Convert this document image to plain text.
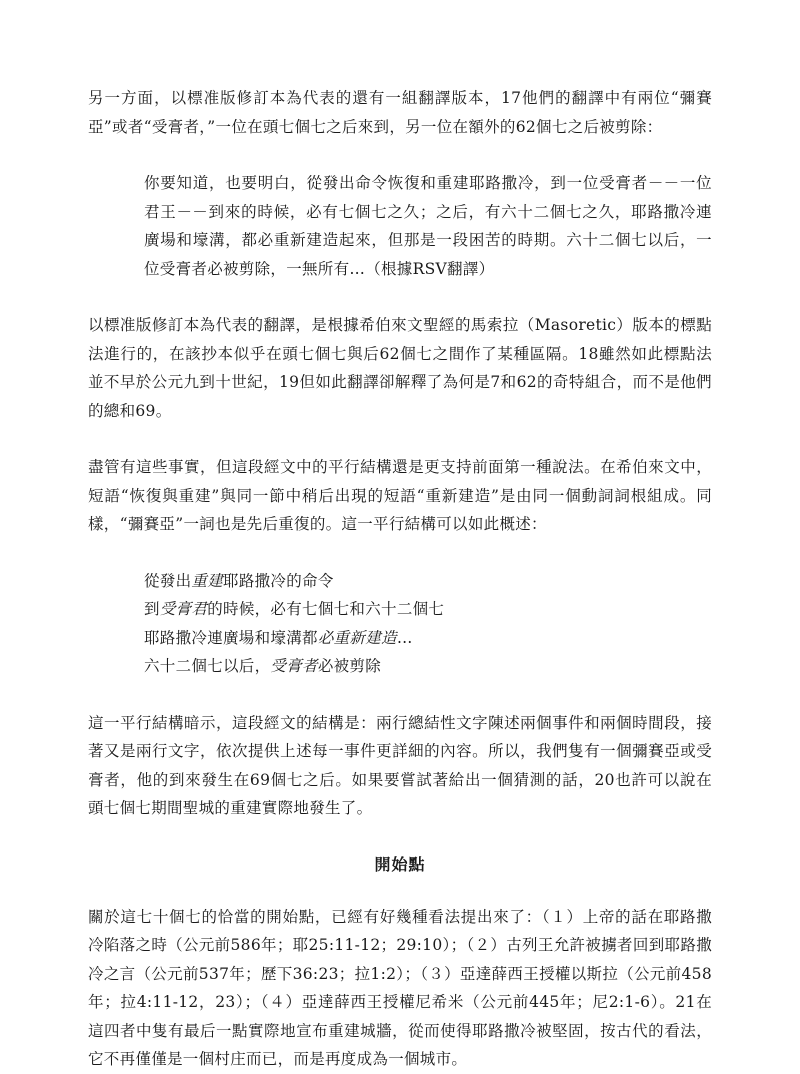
另一方面，以標准版修訂本為代表的還有一組翻譯版本，17他們的翻譯中有兩位“彌賽亞”或者“受膏者，”一位在頭七個七之后來到，另一位在額外的62個七之后被剪除：

你要知道，也要明白，從發出命令恢復和重建耶路撒冷，到一位受膏者－－一位君王－－到來的時候，必有七個七之久；之后，有六十二個七之久，耶路撒冷連廣場和壕溝，都必重新建造起來，但那是一段困苦的時期。六十二個七以后，一位受膏者必被剪除，一無所有…（根據RSV翻譯）

以標准版修訂本為代表的翻譯，是根據希伯來文聖經的馬索拉（Masoretic）版本的標點法進行的，在該抄本似乎在頭七個七與后62個七之間作了某種區隔。18雖然如此標點法並不早於公元九到十世紀，19但如此翻譯卻解釋了為何是7和62的奇特組合，而不是他們的總和69。

盡管有這些事實，但這段經文中的平行結構還是更支持前面第一種說法。在希伯來文中，短語“恢復與重建”與同一節中稍后出現的短語“重新建造”是由同一個動詞詞根組成。同樣，“彌賽亞”一詞也是先后重復的。這一平行結構可以如此概述：

從發出重建耶路撒冷的命令
到受膏君的時候，必有七個七和六十二個七
耶路撒冷連廣場和壕溝都必重新建造…
六十二個七以后，受膏者必被剪除

這一平行結構暗示，這段經文的結構是：兩行總結性文字陳述兩個事件和兩個時間段，接著又是兩行文字，依次提供上述每一事件更詳細的內容。所以，我們隻有一個彌賽亞或受膏者，他的到來發生在69個七之后。如果要嘗試著給出一個猜測的話，20也許可以說在頭七個七期間聖城的重建實際地發生了。

開始點

關於這七十個七的恰當的開始點，已經有好幾種看法提出來了：（１）上帝的話在耶路撒冷陷落之時（公元前586年；耶25:11-12；29:10）；（２）古列王允許被擄者回到耶路撒冷之言（公元前537年；歷下36:23；拉1:2）；（３）亞達薛西王授權以斯拉（公元前458年；拉4:11-12，23）；（４）亞達薛西王授權尼希米（公元前445年；尼2:1-6）。21在這四者中隻有最后一點實際地宣布重建城牆，從而使得耶路撒冷被堅固，按古代的看法，它不再僅僅是一個村庄而已，而是再度成為一個城市。
